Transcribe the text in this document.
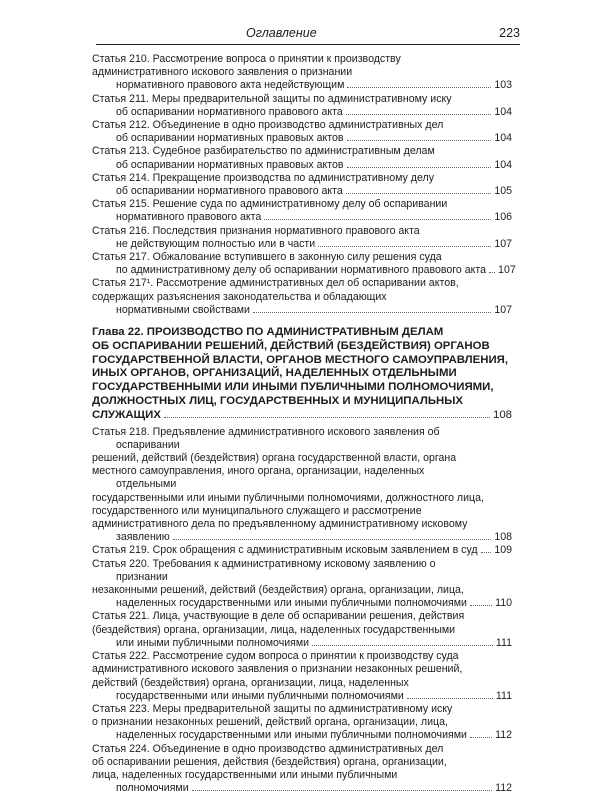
Оглавление	223
Статья 210. Рассмотрение вопроса о принятии к производству
административного искового заявления о признании
нормативного правового акта недействующим	103
Статья 211. Меры предварительной защиты по административному иску
об оспаривании нормативного правового акта	104
Статья 212. Объединение в одно производство административных дел
об оспаривании нормативных правовых актов	104
Статья 213. Судебное разбирательство по административным делам
об оспаривании нормативных правовых актов	104
Статья 214. Прекращение производства по административному делу
об оспаривании нормативного правового акта	105
Статья 215. Решение суда по административному делу об оспаривании
нормативного правового акта	106
Статья 216. Последствия признания нормативного правового акта
не действующим полностью или в части	107
Статья 217. Обжалование вступившего в законную силу решения суда
по административному делу об оспаривании нормативного правового акта 107
Статья 217¹. Рассмотрение административных дел об оспаривании актов,
содержащих разъяснения законодательства и обладающих
нормативными свойствами	107
Глава 22. ПРОИЗВОДСТВО ПО АДМИНИСТРАТИВНЫМ ДЕЛАМ
ОБ ОСПАРИВАНИИ РЕШЕНИЙ, ДЕЙСТВИЙ (БЕЗДЕЙСТВИЯ) ОРГАНОВ
ГОСУДАРСТВЕННОЙ ВЛАСТИ, ОРГАНОВ МЕСТНОГО САМОУПРАВЛЕНИЯ,
ИНЫХ ОРГАНОВ, ОРГАНИЗАЦИЙ, НАДЕЛЕННЫХ ОТДЕЛЬНЫМИ
ГОСУДАРСТВЕННЫМИ ИЛИ ИНЫМИ ПУБЛИЧНЫМИ ПОЛНОМОЧИЯМИ,
ДОЛЖНОСТНЫХ ЛИЦ, ГОСУДАРСТВЕННЫХ И МУНИЦИПАЛЬНЫХ
СЛУЖАЩИХ	108
Статья 218. Предъявление административного искового заявления об оспаривании
решений, действий (бездействия) органа государственной власти, органа
местного самоуправления, иного органа, организации, наделенных отдельными
государственными или иными публичными полномочиями, должностного лица,
государственного или муниципального служащего и рассмотрение
административного дела по предъявленному административному исковому
заявлению	108
Статья 219. Срок обращения с административным исковым заявлением в суд 109
Статья 220. Требования к административному исковому заявлению о признании
незаконными решений, действий (бездействия) органа, организации, лица,
наделенных государственными или иными публичными полномочиями	110
Статья 221. Лица, участвующие в деле об оспаривании решения, действия
(бездействия) органа, организации, лица, наделенных государственными
или иными публичными полномочиями	111
Статья 222. Рассмотрение судом вопроса о принятии к производству суда
административного искового заявления о признании незаконных решений,
действий (бездействия) органа, организации, лица, наделенных
государственными или иными публичными полномочиями	111
Статья 223. Меры предварительной защиты по административному иску
о признании незаконных решений, действий органа, организации, лица,
наделенных государственными или иными публичными полномочиями	112
Статья 224. Объединение в одно производство административных дел
об оспаривании решения, действия (бездействия) органа, организации,
лица, наделенных государственными или иными публичными
полномочиями	112
